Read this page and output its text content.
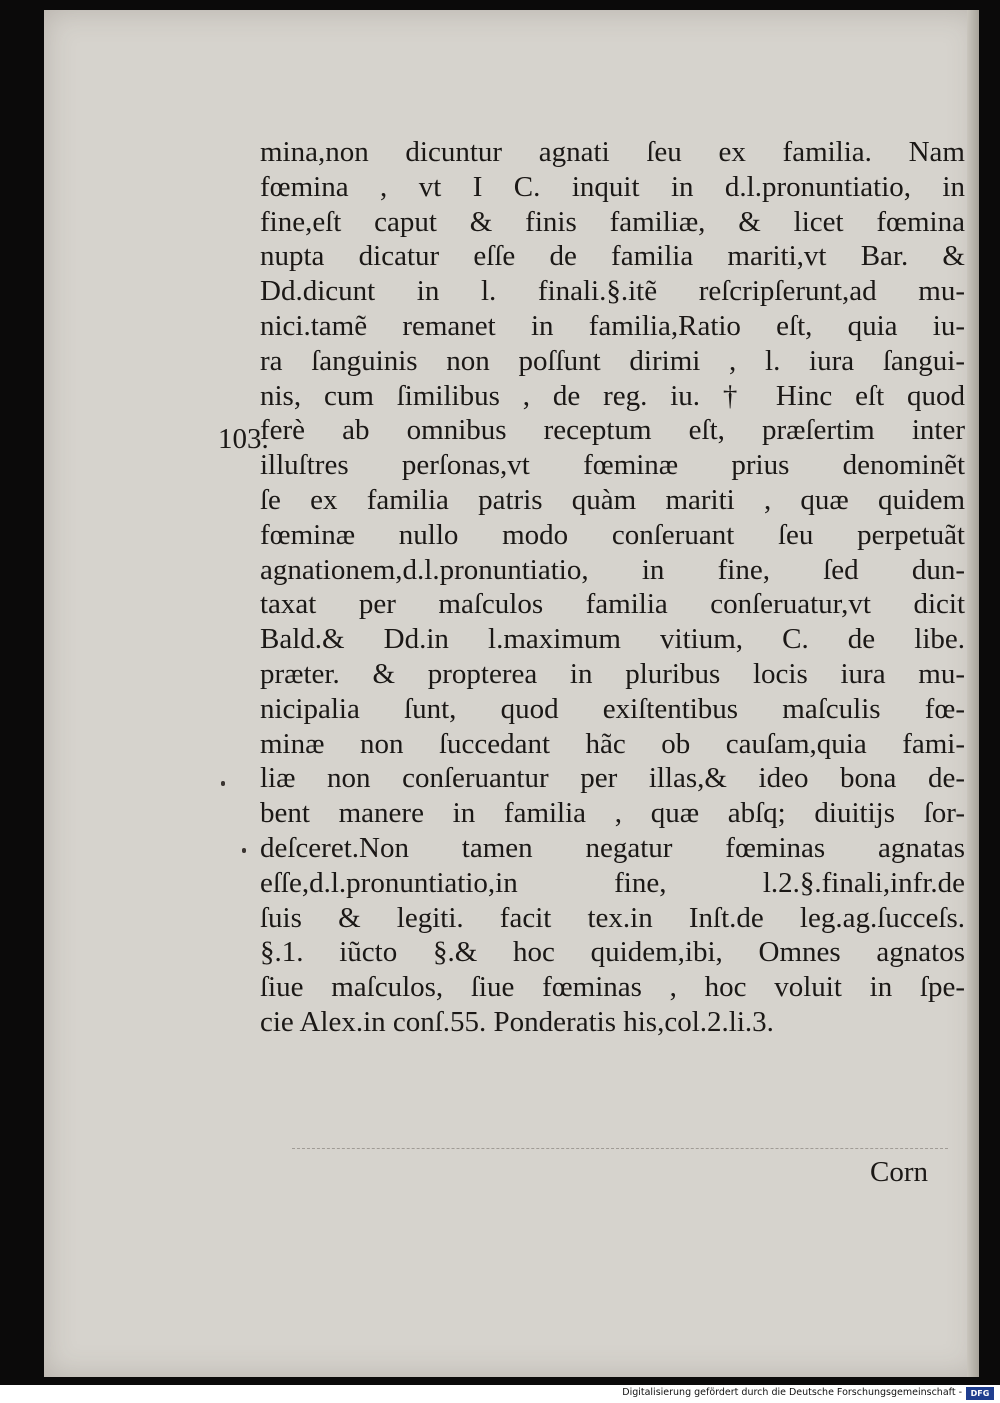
103.
mina,non dicuntur agnati ſeu ex familia. Nam
fœmina , vt I C. inquit in d.l.pronuntiatio, in
fine,eſt caput & finis familiæ, & licet fœmina
nupta dicatur eſſe de familia mariti,vt Bar. &
Dd.dicunt in l. finali.§.itẽ reſcripſerunt,ad mu-
nici.tamẽ remanet in familia,Ratio eſt, quia iu-
ra ſanguinis non poſſunt dirimi , l. iura ſangui-
nis, cum ſimilibus , de reg. iu. † Hinc eſt quod
ferè ab omnibus receptum eſt, præſertim inter
illuſtres perſonas,vt fœminæ prius denominẽt
ſe ex familia patris quàm mariti , quæ quidem
fœminæ nullo modo conſeruant ſeu perpetuãt
agnationem,d.l.pronuntiatio, in fine, ſed dun-
taxat per maſculos familia conſeruatur,vt dicit
Bald.& Dd.in l.maximum vitium, C. de libe.
præter. & propterea in pluribus locis iura mu-
nicipalia ſunt, quod exiſtentibus maſculis fœ-
minæ non ſuccedant hãc ob cauſam,quia fami-
liæ non conſeruantur per illas,& ideo bona de-
bent manere in familia , quæ abſq; diuitijs ſor-
deſceret.Non tamen negatur fœminas agnatas
eſſe,d.l.pronuntiatio,in fine, l.2.§.finali,infr.de
ſuis & legiti. facit tex.in Inſt.de leg.ag.ſucceſs.
§.1. iũcto §.& hoc quidem,ibi, Omnes agnatos
ſiue maſculos, ſiue fœminas , hoc voluit in ſpe-
cie Alex.in conſ.55. Ponderatis his,col.2.li.3.
Corn
Digitalisierung gefördert durch die Deutsche Forschungsgemeinschaft -	DFG
